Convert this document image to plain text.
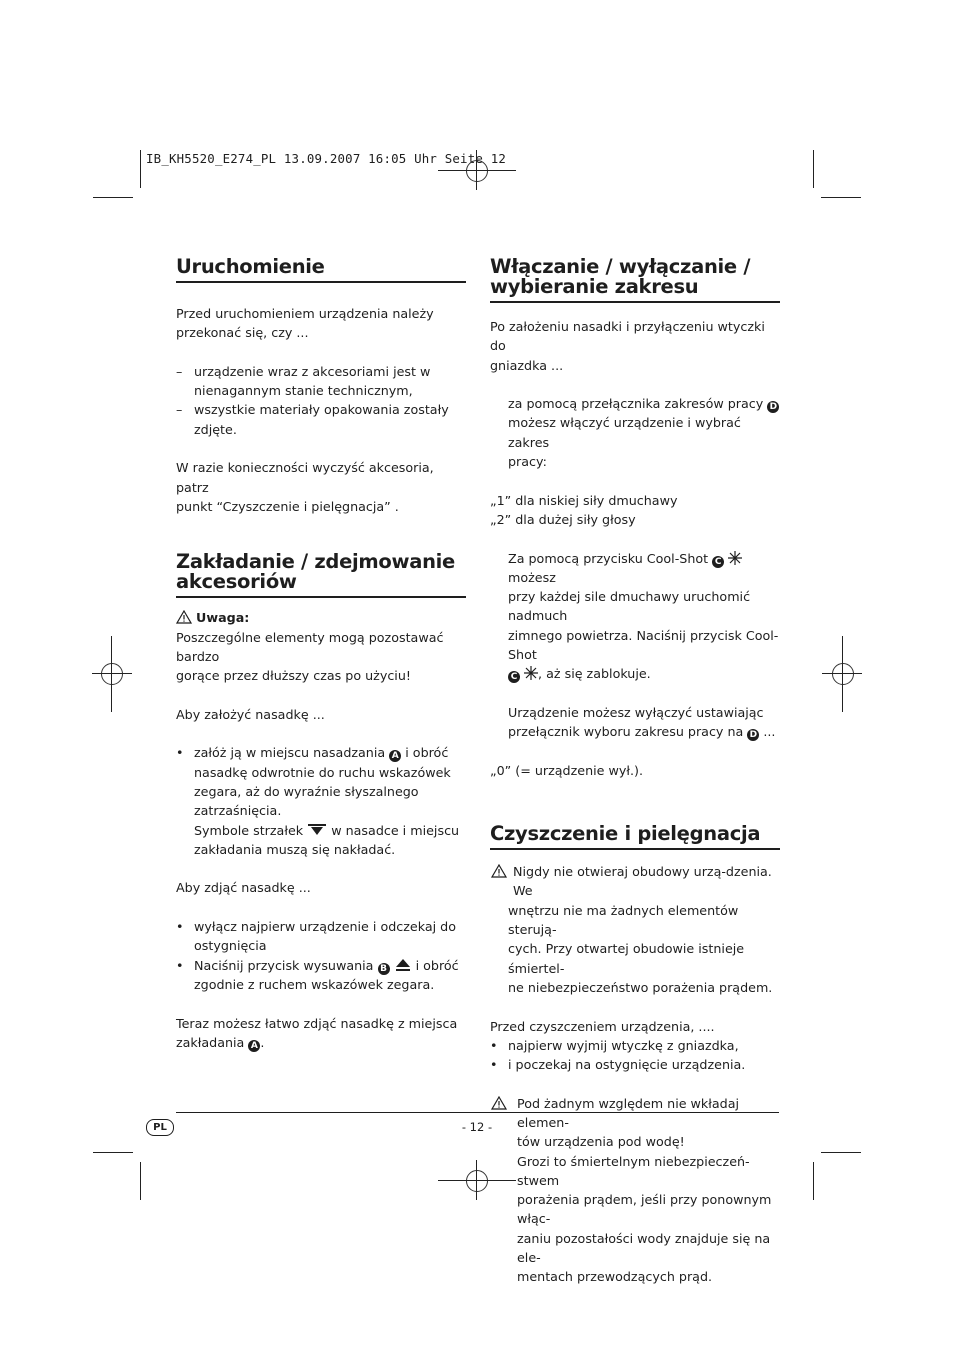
IB_KH5520_E274_PL 13.09.2007 16:05 Uhr Seite 12
Uruchomienie

Przed uruchomieniem urządzenia należy

przekonać się, czy ...

– urządzenie wraz z akcesoriami jest w

nienagannym stanie technicznym,

– wszystkie materiały opakowania zostały zdjęte.

W razie konieczności wyczyść akcesoria, patrz

punkt “Czyszczenie i pielęgnacja” .

Zakładanie / zdejmowanie
akcesoriów

Uwaga:

Poszczególne elementy mogą pozostawać bardzo

gorące przez dłuższy czas po użyciu!

Aby założyć nasadkę ...

• załóż ją w miejscu nasadzania A i obróć

nasadkę odwrotnie do ruchu wskazówek

zegara, aż do wyraźnie słyszalnego

zatrzaśnięcia.

Symbole strzałek w nasadce i miejscu

zakładania muszą się nakładać.

Aby zdjąć nasadkę ...

• wyłącz najpierw urządzenie i odczekaj do

ostygnięcia

• Naciśnij przycisk wysuwania B i obróć

zgodnie z ruchem wskazówek zegara.

Teraz możesz łatwo zdjąć nasadkę z miejsca

zakładania A .

Włączanie / wyłączanie /
wybieranie zakresu

Po założeniu nasadki i przyłączeniu wtyczki do

gniazdka ...

za pomocą przełącznika zakresów pracy D

możesz włączyć urządzenie i wybrać zakres

pracy:

„1” dla niskiej siły dmuchawy

„2” dla dużej siły głosy

Za pomocą przycisku Cool-Shot C  możesz

przy każdej sile dmuchawy uruchomić nadmuch

zimnego powietrza. Naciśnij przycisk Cool-Shot

C , aż się zablokuje.

Urządzenie możesz wyłączyć ustawiając

przełącznik wyboru zakresu pracy na D ...

„0” (= urządzenie wył.).

Czyszczenie i pielęgnacja

Nigdy nie otwieraj obudowy urzą-dzenia. We

wnętrzu nie ma żadnych elementów sterują-

cych. Przy otwartej obudowie istnieje śmiertel-

ne niebezpieczeństwo porażenia prądem.

Przed czyszczeniem urządzenia, ....

• najpierw wyjmij wtyczkę z gniazdka,

• i poczekaj na ostygnięcie urządzenia.

Pod żadnym względem nie wkładaj elemen-

tów urządzenia pod wodę!

Grozi to śmiertelnym niebezpieczeń-stwem

porażenia prądem, jeśli przy ponownym włąc-

zaniu pozostałości wody znajduje się na ele-

mentach przewodzących prąd.

PL	- 12 -
